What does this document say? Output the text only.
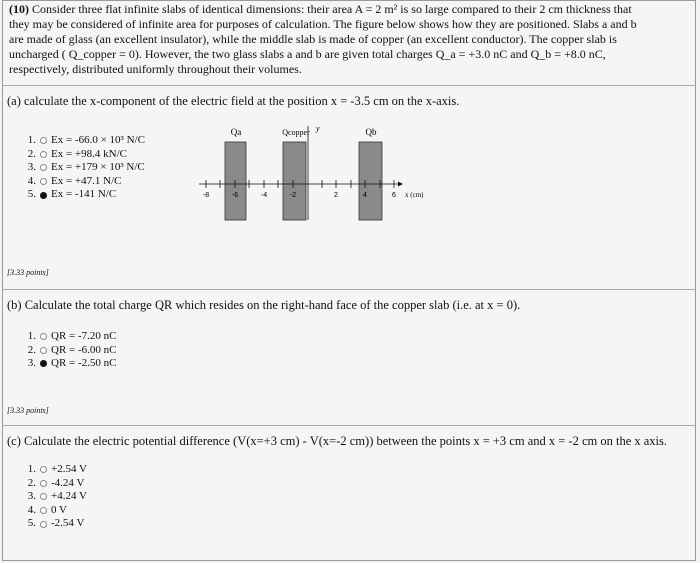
(10) Consider three flat infinite slabs of identical dimensions: their area A = 2 m² is so large compared to their 2 cm thickness that
they may be considered of infinite area for purposes of calculation. The figure below shows how they are positioned. Slabs a and b
are made of glass (an excellent insulator), while the middle slab is made of copper (an excellent conductor). The copper slab is
uncharged ( Q_copper = 0). However, the two glass slabs a and b are given total charges Q_a = +3.0 nC and Q_b = +8.0 nC,
respectively, distributed uniformly throughout their volumes.
(a) calculate the x-component of the electric field at the position x = -3.5 cm on the x-axis.
1. Ex = -66.0 × 10³ N/C
2. Ex = +98.4 kN/C
3. Ex = +179 × 10³ N/C
4. Ex = +47.1 N/C
5. Ex = -141 N/C
Qa	Qcopper y	Qb
-8	-6	-4	-2	2	4	6 x (cm)
[3.33 points]
(b) Calculate the total charge QR which resides on the right-hand face of the copper slab (i.e. at x = 0).
1. QR = -7.20 nC
2. QR = -6.00 nC
3. QR = -2.50 nC
[3.33 points]
(c) Calculate the electric potential difference (V(x=+3 cm) - V(x=-2 cm)) between the points x = +3 cm and x = -2 cm on the x axis.
1. +2.54 V
2. -4.24 V
3. +4.24 V
4. 0 V
5. -2.54 V
